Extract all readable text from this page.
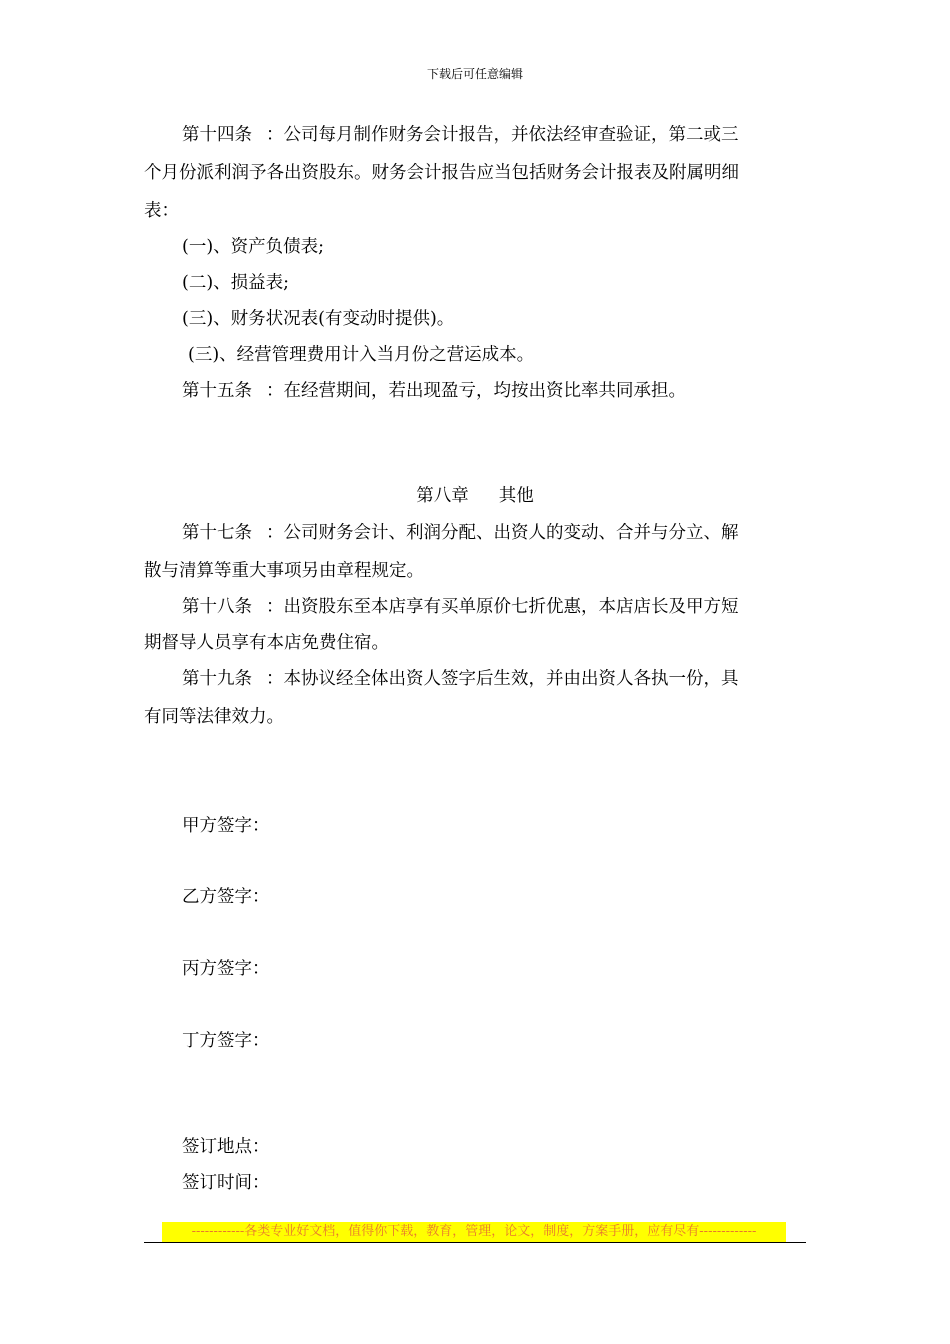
下载后可任意编辑
第十四条 ：公司每月制作财务会计报告，并依法经审查验证，第二或三
个月份派利润予各出资股东。财务会计报告应当包括财务会计报表及附属明细
表：
(一)、资产负债表;
(二)、损益表;
(三)、财务状况表(有变动时提供)。
(三)、经营管理费用计入当月份之营运成本。
第十五条 ：在经营期间，若出现盈亏，均按出资比率共同承担。
第八章 其他
第十七条 ：公司财务会计、利润分配、出资人的变动、合并与分立、解
散与清算等重大事项另由章程规定。
第十八条 ：出资股东至本店享有买单原价七折优惠，本店店长及甲方短
期督导人员享有本店免费住宿。
第十九条 ：本协议经全体出资人签字后生效，并由出资人各执一份，具
有同等法律效力。
甲方签字：
乙方签字：
丙方签字：
丁方签字：
签订地点：
签订时间：
------------各类专业好文档，值得你下载，教育，管理，论文，制度，方案手册，应有尽有-------------
